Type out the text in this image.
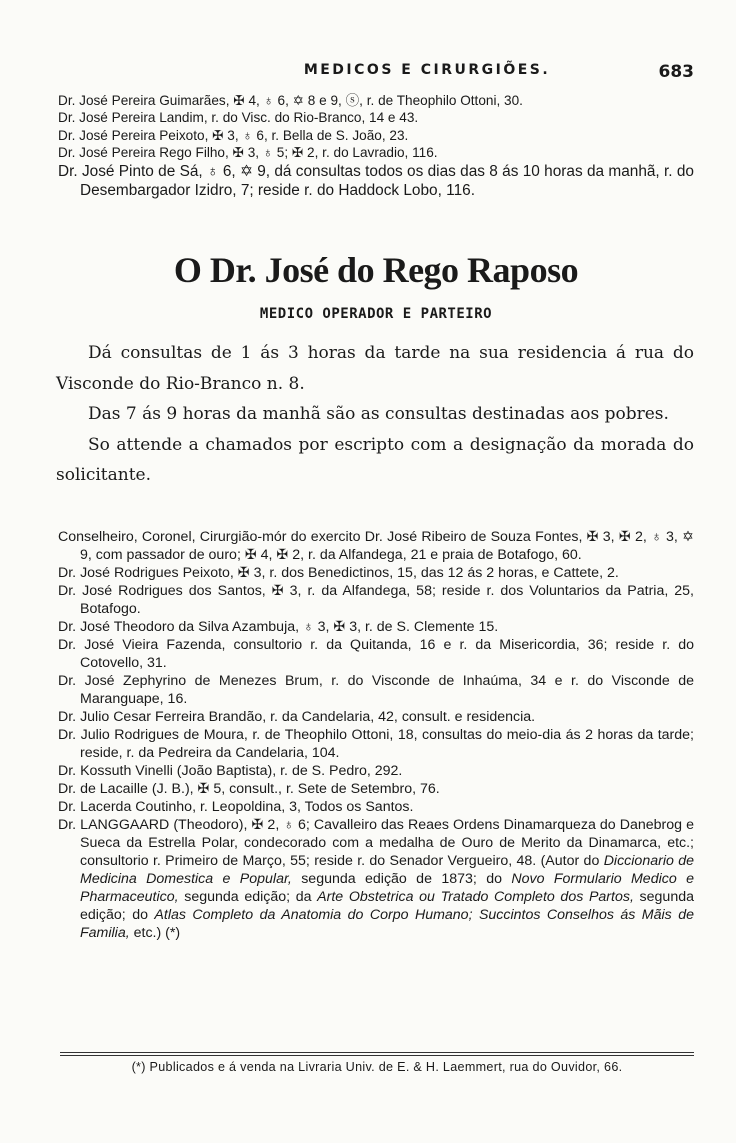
MEDICOS E CIRURGIÕES.	683

Dr. José Pereira Guimarães, ✠ 4, ♁ 6, ✡ 8 e 9, ⓢ, r. de Theophilo Ottoni, 30.

Dr. José Pereira Landim, r. do Visc. do Rio-Branco, 14 e 43.

Dr. José Pereira Peixoto, ✠ 3, ♁ 6, r. Bella de S. João, 23.

Dr. José Pereira Rego Filho, ✠ 3, ♁ 5; ✠ 2, r. do Lavradio, 116.

Dr. José Pinto de Sá, ♁ 6, ✡ 9, dá consultas todos os dias das 8 ás 10 horas da manhã, r. do Desembargador Izidro, 7; reside r. do Haddock Lobo, 116.

O Dr. José do Rego Raposo
MEDICO OPERADOR E PARTEIRO

Dá consultas de 1 ás 3 horas da tarde na sua residencia á rua do Visconde do Rio-Branco n. 8.

Das 7 ás 9 horas da manhã são as consultas destinadas aos pobres.

So attende a chamados por escripto com a designação da morada do solicitante.

Conselheiro, Coronel, Cirurgião-mór do exercito Dr. José Ribeiro de Souza Fontes, ✠ 3, ✠ 2, ♁ 3, ✡ 9, com passador de ouro; ✠ 4, ✠ 2, r. da Alfandega, 21 e praia de Botafogo, 60.

Dr. José Rodrigues Peixoto, ✠ 3, r. dos Benedictinos, 15, das 12 ás 2 horas, e Cattete, 2.

Dr. José Rodrigues dos Santos, ✠ 3, r. da Alfandega, 58; reside r. dos Voluntarios da Patria, 25, Botafogo.

Dr. José Theodoro da Silva Azambuja, ♁ 3, ✠ 3, r. de S. Clemente 15.

Dr. José Vieira Fazenda, consultorio r. da Quitanda, 16 e r. da Misericordia, 36; reside r. do Cotovello, 31.

Dr. José Zephyrino de Menezes Brum, r. do Visconde de Inhaúma, 34 e r. do Visconde de Maranguape, 16.

Dr. Julio Cesar Ferreira Brandão, r. da Candelaria, 42, consult. e residencia.

Dr. Julio Rodrigues de Moura, r. de Theophilo Ottoni, 18, consultas do meio-dia ás 2 horas da tarde; reside, r. da Pedreira da Candelaria, 104.

Dr. Kossuth Vinelli (João Baptista), r. de S. Pedro, 292.

Dr. de Lacaille (J. B.), ✠ 5, consult., r. Sete de Setembro, 76.

Dr. Lacerda Coutinho, r. Leopoldina, 3, Todos os Santos.

Dr. LANGGAARD (Theodoro), ✠ 2, ♁ 6; Cavalleiro das Reaes Ordens Dinamarqueza do Danebrog e Sueca da Estrella Polar, condecorado com a medalha de Ouro de Merito da Dinamarca, etc.; consultorio r. Primeiro de Março, 55; reside r. do Senador Vergueiro, 48. (Autor do Diccionario de Medicina Domestica e Popular, segunda edição de 1873; do Novo Formulario Medico e Pharmaceutico, segunda edição; da Arte Obstetrica ou Tratado Completo dos Partos, segunda edição; do Atlas Completo da Anatomia do Corpo Humano; Succintos Conselhos ás Mãis de Familia, etc.) (*)

(*) Publicados e á venda na Livraria Univ. de E. & H. Laemmert, rua do Ouvidor, 66.
